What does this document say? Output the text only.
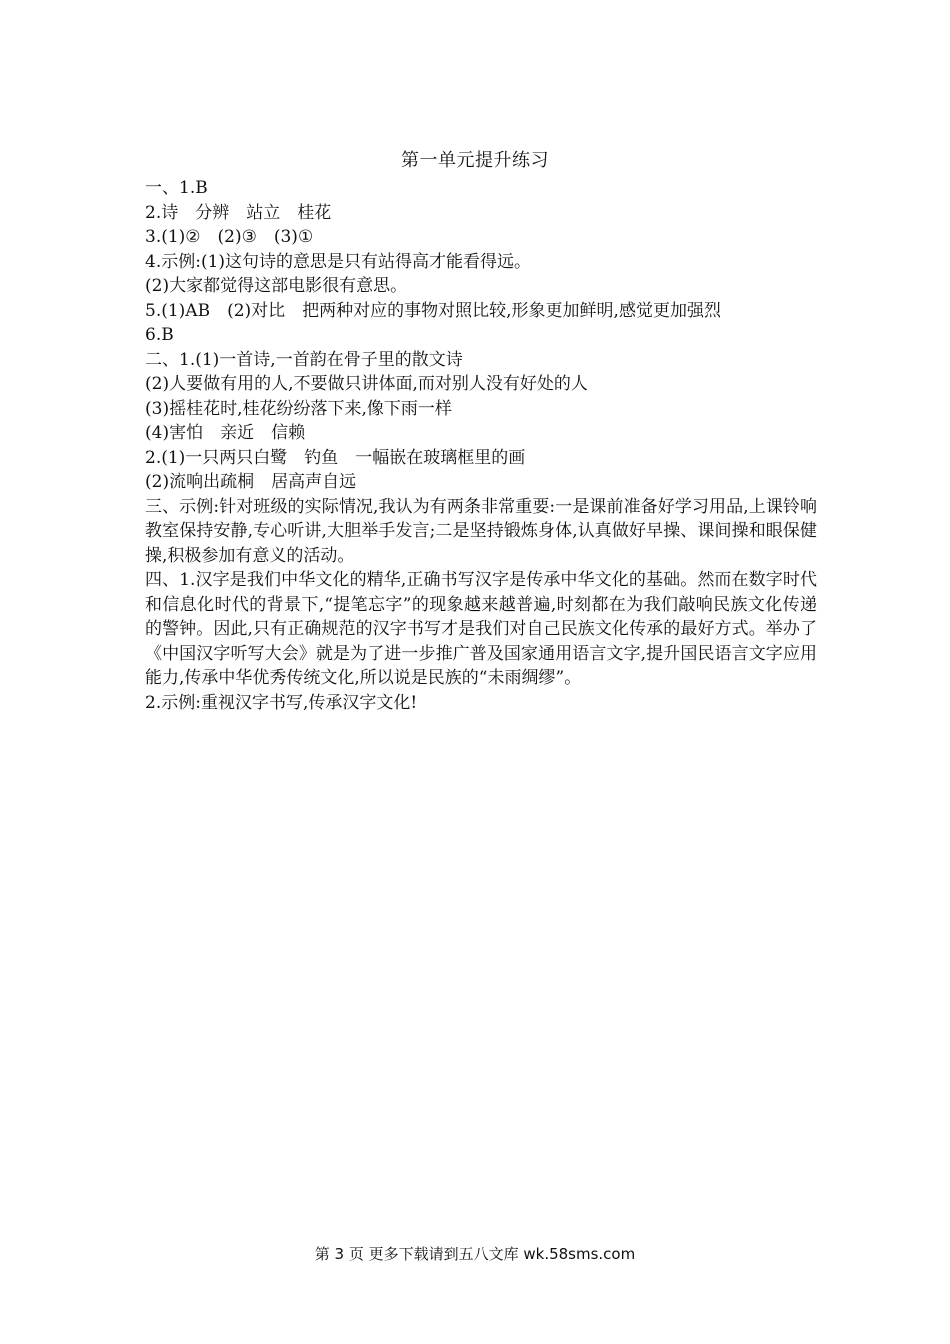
第一单元提升练习
一、1.B
2.诗　分辨　站立　桂花
3.(1)②　(2)③　(3)①
4.示例:(1)这句诗的意思是只有站得高才能看得远。
(2)大家都觉得这部电影很有意思。
5.(1)AB　(2)对比　把两种对应的事物对照比较,形象更加鲜明,感觉更加强烈
6.B
二、1.(1)一首诗,一首韵在骨子里的散文诗
(2)人要做有用的人,不要做只讲体面,而对别人没有好处的人
(3)摇桂花时,桂花纷纷落下来,像下雨一样
(4)害怕　亲近　信赖
2.(1)一只两只白鹭　钓鱼　一幅嵌在玻璃框里的画
(2)流响出疏桐　居高声自远
三、示例:针对班级的实际情况,我认为有两条非常重要:一是课前准备好学习用品,上课铃响教室保持安静,专心听讲,大胆举手发言;二是坚持锻炼身体,认真做好早操、课间操和眼保健操,积极参加有意义的活动。
四、1.汉字是我们中华文化的精华,正确书写汉字是传承中华文化的基础。然而在数字时代和信息化时代的背景下,“提笔忘字”的现象越来越普遍,时刻都在为我们敲响民族文化传递的警钟。因此,只有正确规范的汉字书写才是我们对自己民族文化传承的最好方式。举办了《中国汉字听写大会》就是为了进一步推广普及国家通用语言文字,提升国民语言文字应用能力,传承中华优秀传统文化,所以说是民族的“未雨绸缪”。
2.示例:重视汉字书写,传承汉字文化!
第 3 页 更多下载请到五八文库 wk.58sms.com
